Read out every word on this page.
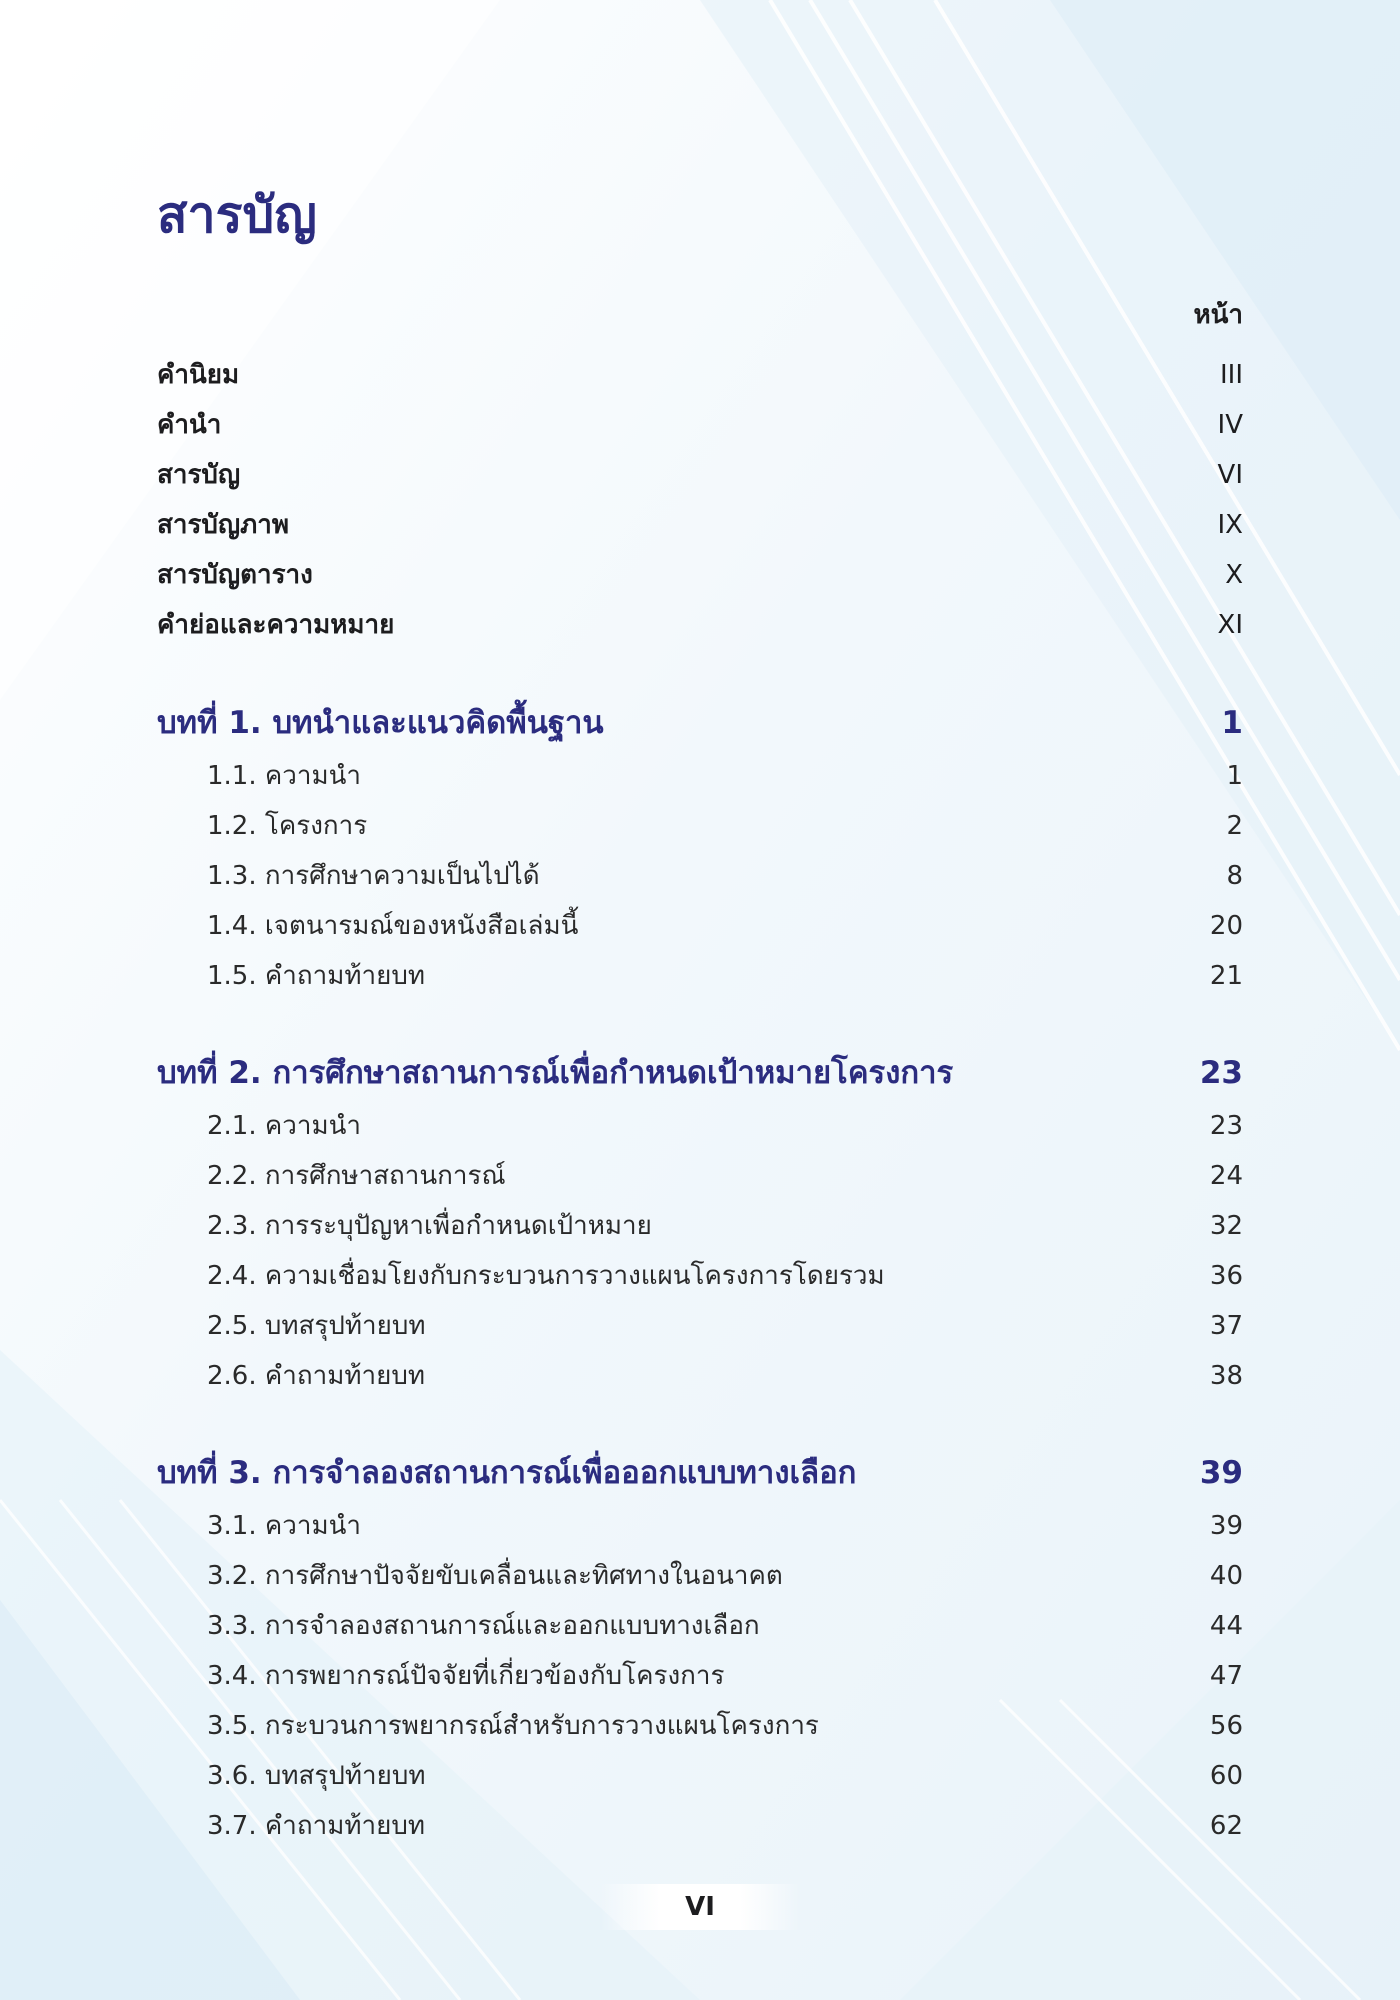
สารบัญ
หน้า
คำนิยม	III
คำนำ	IV
สารบัญ	VI
สารบัญภาพ	IX
สารบัญตาราง	X
คำย่อและความหมาย	XI
บทที่ 1. บทนำและแนวคิดพื้นฐาน	1
1.1. ความนำ	1
1.2. โครงการ	2
1.3. การศึกษาความเป็นไปได้	8
1.4. เจตนารมณ์ของหนังสือเล่มนี้	20
1.5. คำถามท้ายบท	21
บทที่ 2. การศึกษาสถานการณ์เพื่อกำหนดเป้าหมายโครงการ	23
2.1. ความนำ	23
2.2. การศึกษาสถานการณ์	24
2.3. การระบุปัญหาเพื่อกำหนดเป้าหมาย	32
2.4. ความเชื่อมโยงกับกระบวนการวางแผนโครงการโดยรวม	36
2.5. บทสรุปท้ายบท	37
2.6. คำถามท้ายบท	38
บทที่ 3. การจำลองสถานการณ์เพื่อออกแบบทางเลือก	39
3.1. ความนำ	39
3.2. การศึกษาปัจจัยขับเคลื่อนและทิศทางในอนาคต	40
3.3. การจำลองสถานการณ์และออกแบบทางเลือก	44
3.4. การพยากรณ์ปัจจัยที่เกี่ยวข้องกับโครงการ	47
3.5. กระบวนการพยากรณ์สำหรับการวางแผนโครงการ	56
3.6. บทสรุปท้ายบท	60
3.7. คำถามท้ายบท	62
VI
